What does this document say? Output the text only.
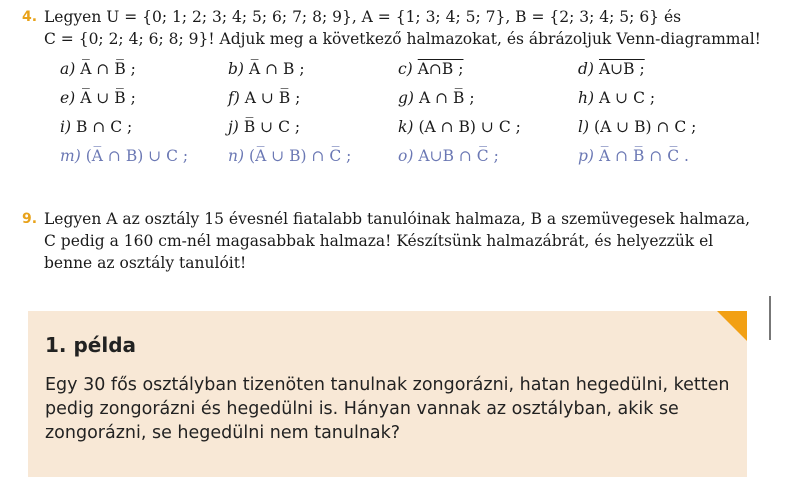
4. Legyen U = {0; 1; 2; 3; 4; 5; 6; 7; 8; 9}, A = {1; 3; 4; 5; 7}, B = {2; 3; 4; 5; 6} és
C = {0; 2; 4; 6; 8; 9}! Adjuk meg a következő halmazokat, és ábrázoljuk Venn-diagrammal!
a) A̅ ∩ B̅ ;	b) A̅ ∩ B ;	c) A∩B ;	d) A∪B ;
e) A̅ ∪ B̅ ;	f) A ∪ B̅ ;	g) A ∩ B̅ ;	h) A ∪ C ;
i) B ∩ C ;	j) B̅ ∪ C ;	k) (A ∩ B) ∪ C ;	l) (A ∪ B) ∩ C ;
m) (A̅ ∩ B) ∪ C ;	n) (A̅ ∪ B) ∩ C̅ ;	o) A∪B ∩ C̅ ;	p) A̅ ∩ B̅ ∩ C̅ .
9. Legyen A az osztály 15 évesnél fiatalabb tanulóinak halmaza, B a szemüvegesek halmaza,
C pedig a 160 cm-nél magasabbak halmaza! Készítsünk halmazábrát, és helyezzük el
benne az osztály tanulóit!
1. példa
Egy 30 fős osztályban tizenöten tanulnak zongorázni, hatan hegedülni, ketten pedig zongorázni és hegedülni is. Hányan vannak az osztályban, akik se zongorázni, se hegedülni nem tanulnak?
